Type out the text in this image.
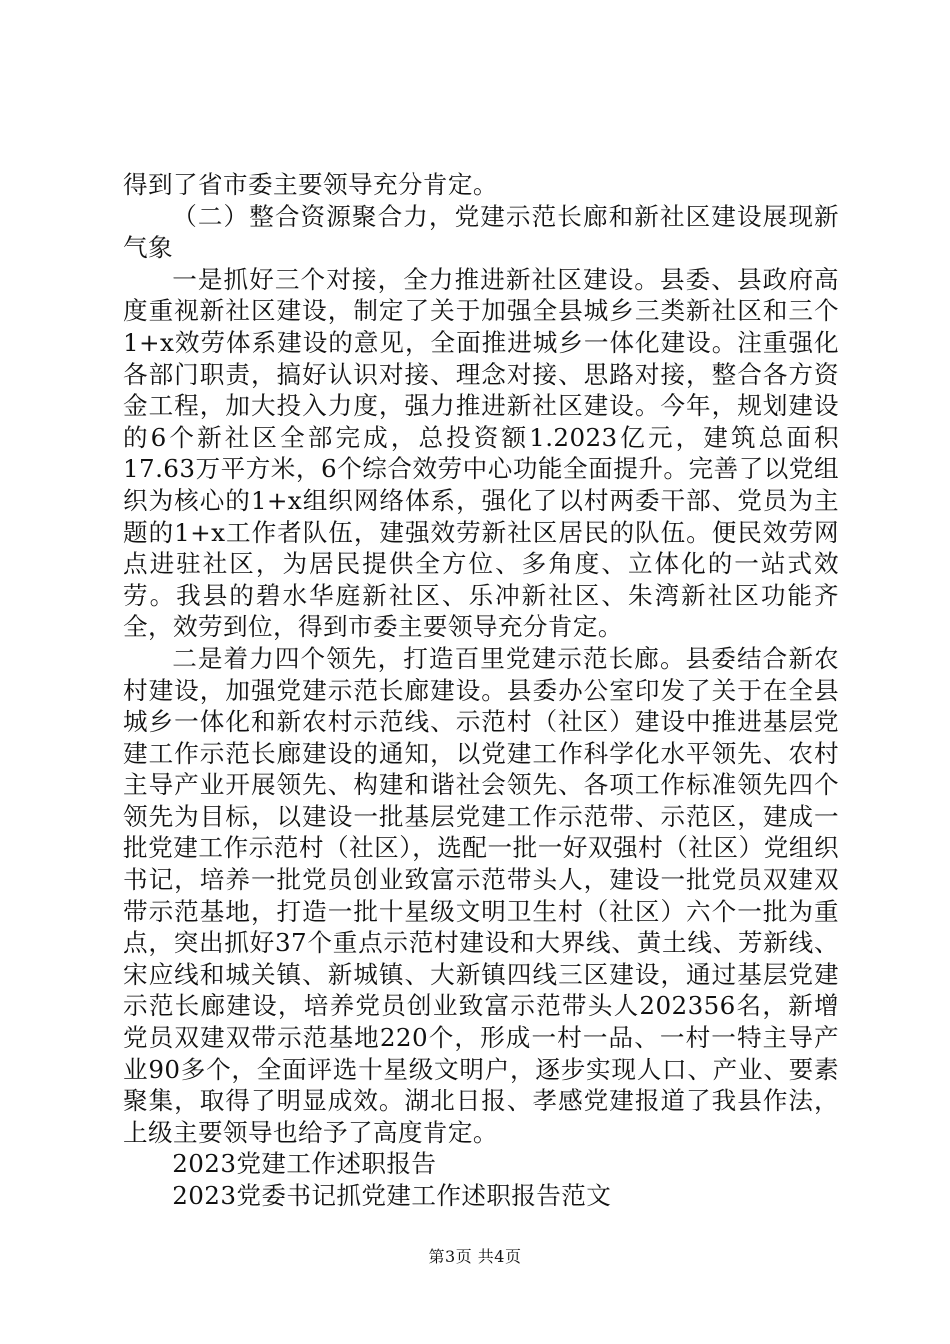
得到了省市委主要领导充分肯定。

（二）整合资源聚合力，党建示范长廊和新社区建设展现新气象

一是抓好三个对接，全力推进新社区建设。县委、县政府高度重视新社区建设，制定了关于加强全县城乡三类新社区和三个1+x效劳体系建设的意见，全面推进城乡一体化建设。注重强化各部门职责，搞好认识对接、理念对接、思路对接，整合各方资金工程，加大投入力度，强力推进新社区建设。今年，规划建设的6个新社区全部完成，总投资额1.2023亿元，建筑总面积17.63万平方米，6个综合效劳中心功能全面提升。完善了以党组织为核心的1+x组织网络体系，强化了以村两委干部、党员为主题的1+x工作者队伍，建强效劳新社区居民的队伍。便民效劳网点进驻社区，为居民提供全方位、多角度、立体化的一站式效劳。我县的碧水华庭新社区、乐冲新社区、朱湾新社区功能齐全，效劳到位，得到市委主要领导充分肯定。

二是着力四个领先，打造百里党建示范长廊。县委结合新农村建设，加强党建示范长廊建设。县委办公室印发了关于在全县城乡一体化和新农村示范线、示范村（社区）建设中推进基层党建工作示范长廊建设的通知，以党建工作科学化水平领先、农村主导产业开展领先、构建和谐社会领先、各项工作标准领先四个领先为目标，以建设一批基层党建工作示范带、示范区，建成一批党建工作示范村（社区），选配一批一好双强村（社区）党组织书记，培养一批党员创业致富示范带头人，建设一批党员双建双带示范基地，打造一批十星级文明卫生村（社区）六个一批为重点，突出抓好37个重点示范村建设和大界线、黄土线、芳新线、宋应线和城关镇、新城镇、大新镇四线三区建设，通过基层党建示范长廊建设，培养党员创业致富示范带头人202356名，新增党员双建双带示范基地220个，形成一村一品、一村一特主导产业90多个，全面评选十星级文明户，逐步实现人口、产业、要素聚集，取得了明显成效。湖北日报、孝感党建报道了我县作法，上级主要领导也给予了高度肯定。

2023党建工作述职报告

2023党委书记抓党建工作述职报告范文

第3页 共4页
